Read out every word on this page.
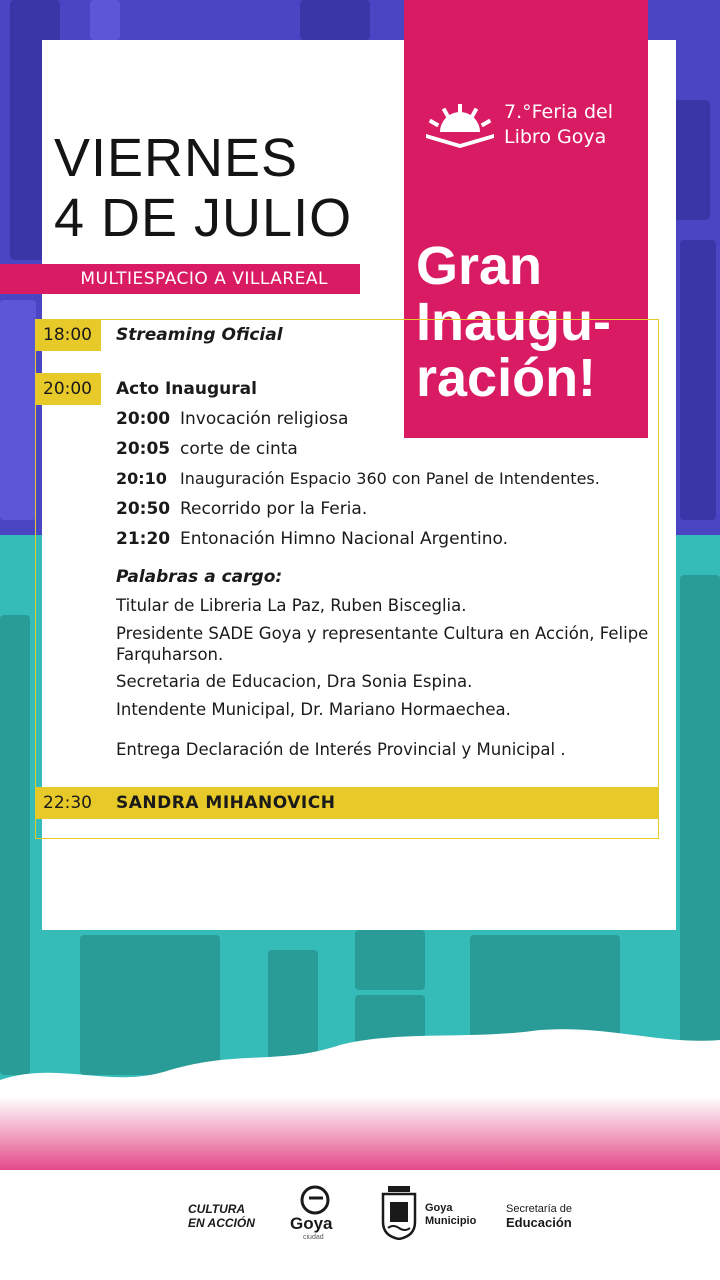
7.°Feria del
Libro Goya
Gran
Inaugu-
ración!
VIERNES
4 DE JULIO
MULTIESPACIO A VILLAREAL
18:00	Streaming Oficial
20:00	Acto Inaugural
20:00 Invocación religiosa
20:05 corte de cinta
20:10 Inauguración Espacio 360 con Panel de Intendentes.
20:50 Recorrido por la Feria.
21:20 Entonación Himno Nacional Argentino.
Palabras a cargo:
Titular de Libreria La Paz, Ruben Bisceglia.
Presidente SADE Goya y representante Cultura en Acción, Felipe Farquharson.
Secretaria de Educacion, Dra Sonia Espina.
Intendente Municipal, Dr. Mariano Hormaechea.
Entrega Declaración de Interés Provincial y Municipal .
22:30 SANDRA MIHANOVICH
CULTURA
EN ACCIÓN Goya
ciudad
Goya
Municipio
Secretaría de
Educación
